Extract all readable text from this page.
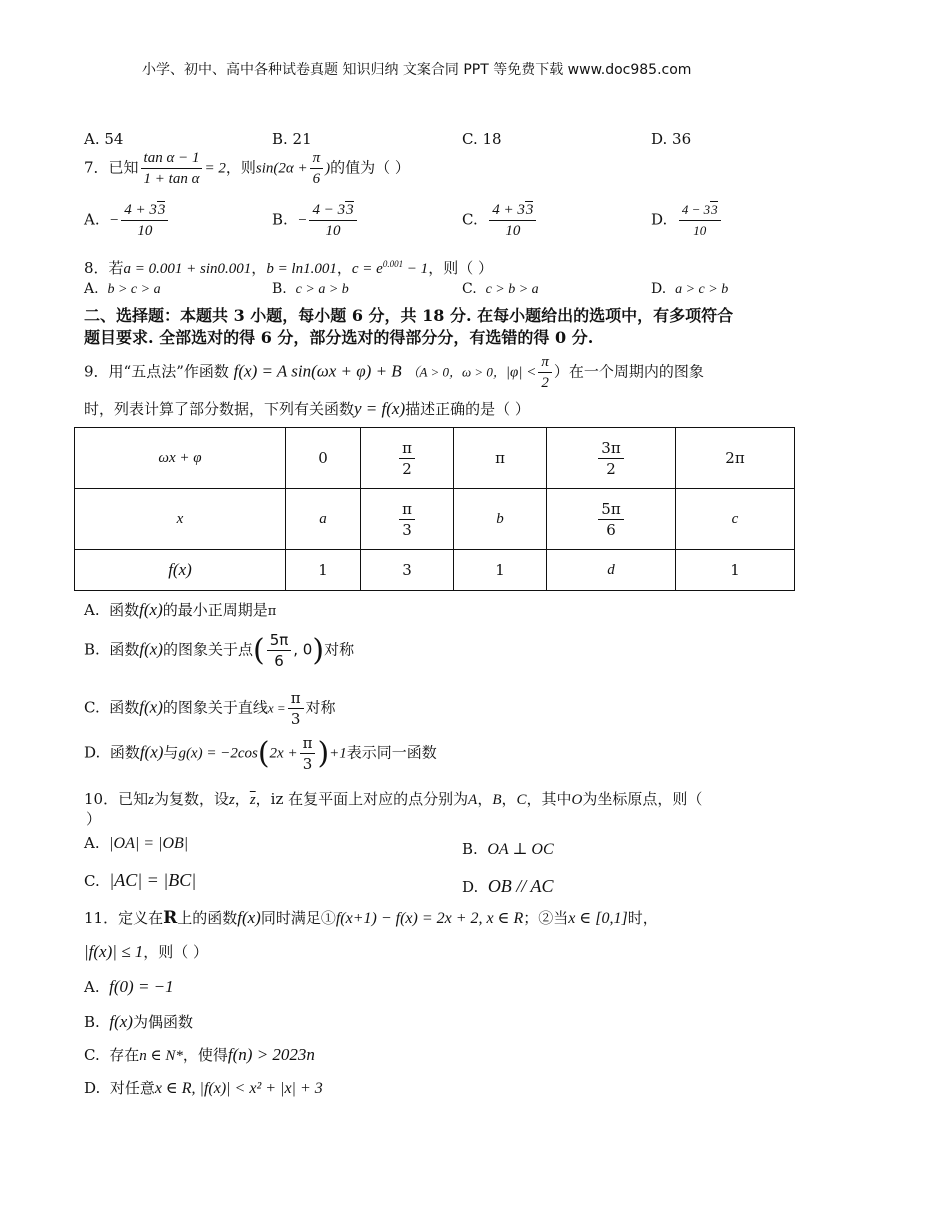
小学、初中、高中各种试卷真题 知识归纳 文案合同 PPT 等免费下载 www.doc985.com
A. 54	B. 21	C. 18	D. 36
7．已知 $\frac{\text{tan α − 1}}{\text{1 + tan α}} = 2$，则$\sin(2\alpha + \frac{\pi}{6}$ )的值为（ ）
A. − $\frac{4 + 33}{10}$	B. − $\frac{4 - 33}{10}$	C. $\frac{4 + 33}{10}$	D. $\frac{4 - 33}{10}$
8．若a = 0.001 + sin0.001，b = ln1.001，$c = e^{0.001} - 1$，则（ ）
A. b > c > a	B. c > a > b	C. c > b > a	D. a > c > b
二、选择题：本题共 3 小题，每小题 6 分，共 18 分. 在每小题给出的选项中，有多项符合
题目要求. 全部选对的得 6 分，部分选对的得部分分，有选错的得 0 分.
9．用“五点法”作函数 f(x) = A sin(ωx + φ) + B （A > 0，ω > 0，$|\varphi| < \frac{\pi}{2}$ ）在一个周期内的图象
时，列表计算了部分数据，下列有关函数y = f(x)描述正确的是（ ）
ωx + φ	0	$\frac{\pi}{2}$	π	$\frac{3\pi}{2}$	2π
x	a	$\frac{\pi}{3}$	b	$\frac{5\pi}{6}$	c
f(x)	1	3	1	d	1
A. 函数f(x)的最小正周期是π
B. 函数f(x)的图象关于点( $\frac{5\pi}{6}$ , 0)对称
C. 函数f(x)的图象关于直线$x = \frac{\pi}{3}$ 对称
D. 函数f(x)与$g(x) = -2\cos(2x + \frac{\pi}{3} )+1$表示同一函数
10．已知z为复数，设z，$\overline{z}$，iz 在复平面上对应的点分别为A，B，C，其中O为坐标原点，则（
）
A. |OA| = |OB|	B. OA ⊥ OC
C. |AC| = |BC|	D. OB // AC
11．定义在R上的函数f(x)同时满足①f(x+1) − f(x) = 2x + 2, x ∈ R；②当x ∈ [0,1]时，
|f(x)| ≤ 1，则（ ）
A. f(0) = −1
B. f(x)为偶函数
C. 存在n ∈ N*，使得f(n) > 2023n
D. 对任意x ∈ R, |f(x)| < x² + |x| + 3
